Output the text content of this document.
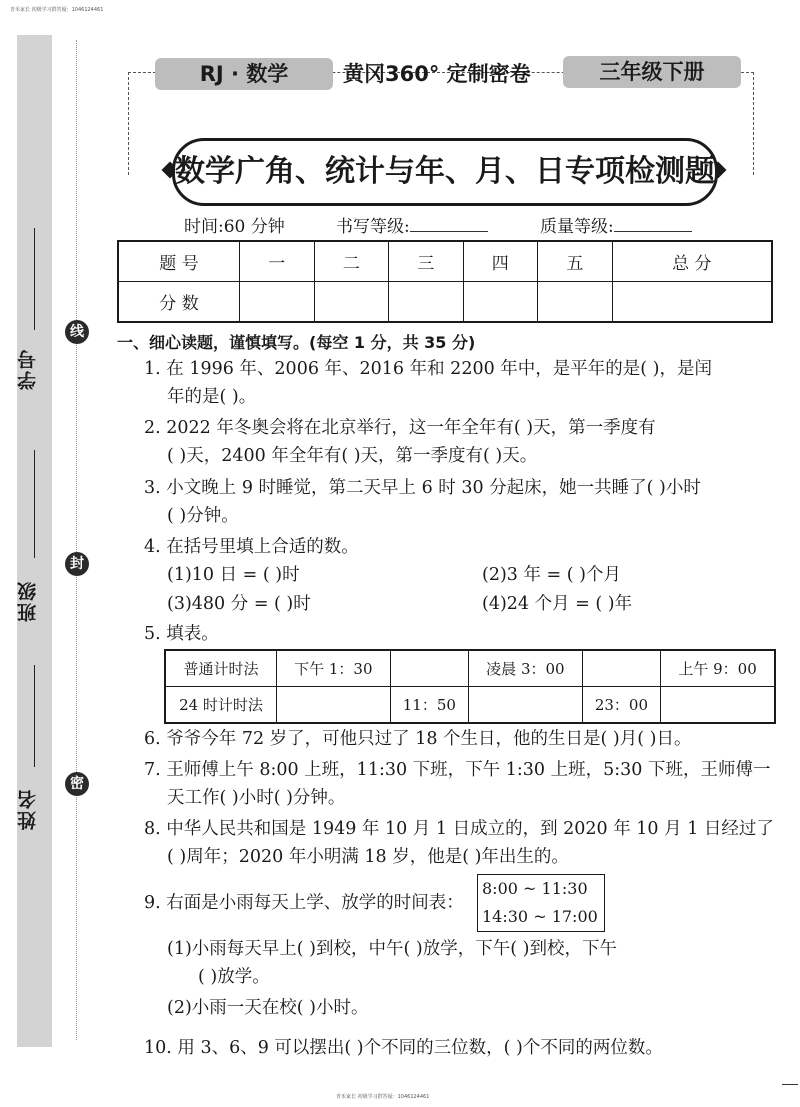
青禾家长 初级学习群答疑：1046124461
青禾家长 初级学习群答疑：1046124461
线
封
密
学号
班级
姓名
RJ · 数学	黄冈360° 定制密卷	三年级下册
数学广角、统计与年、月、日专项检测题
时间:60 分钟	书写等级:	质量等级:
题 号	一	二	三	四	五	总 分
分 数						
一、细心读题，谨慎填写。(每空 1 分，共 35 分)
1. 在 1996 年、2006 年、2016 年和 2200 年中，是平年的是( )，是闰
年的是( )。
2. 2022 年冬奥会将在北京举行，这一年全年有( )天，第一季度有
( )天，2400 年全年有( )天，第一季度有( )天。
3. 小文晚上 9 时睡觉，第二天早上 6 时 30 分起床，她一共睡了( )小时
( )分钟。
4. 在括号里填上合适的数。
(1)10 日 = ( )时	(2)3 年 = ( )个月
(3)480 分 = ( )时	(4)24 个月 = ( )年
5. 填表。
普通计时法	下午 1：30		凌晨 3：00		上午 9：00
24 时计时法		11：50		23：00	
6. 爷爷今年 72 岁了，可他只过了 18 个生日，他的生日是( )月( )日。
7. 王师傅上午 8:00 上班，11:30 下班，下午 1:30 上班，5:30 下班，王师傅一
天工作( )小时( )分钟。
8. 中华人民共和国是 1949 年 10 月 1 日成立的，到 2020 年 10 月 1 日经过了
( )周年；2020 年小明满 18 岁，他是( )年出生的。
9. 右面是小雨每天上学、放学的时间表：
8:00 ~ 11:30
14:30 ~ 17:00
(1)小雨每天早上( )到校，中午( )放学，下午( )到校，下午
( )放学。
(2)小雨一天在校( )小时。
10. 用 3、6、9 可以摆出( )个不同的三位数，( )个不同的两位数。
